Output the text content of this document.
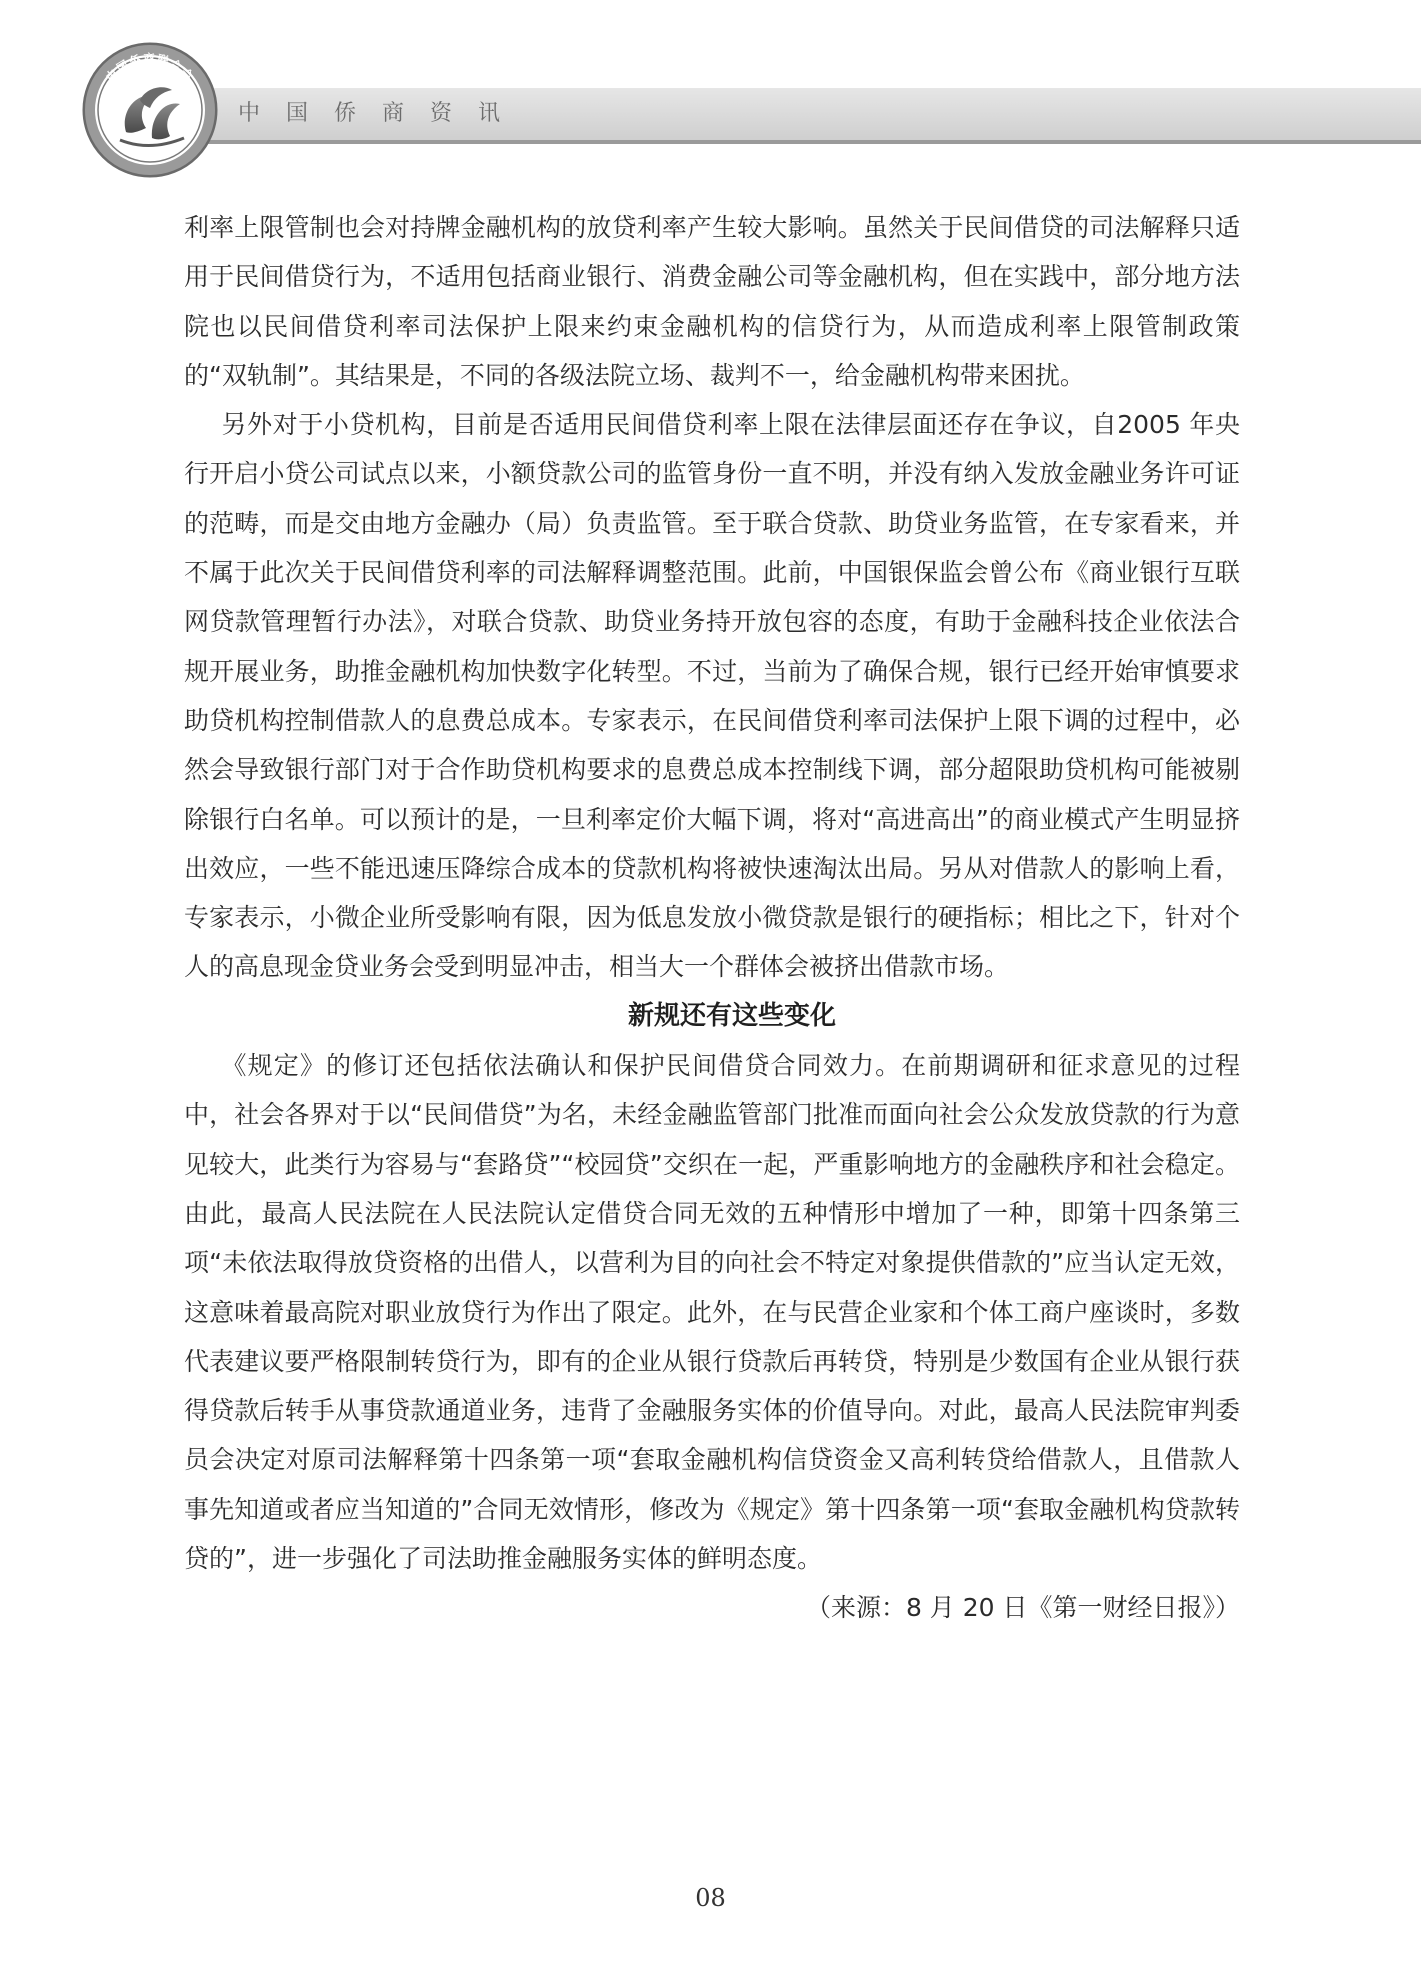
中国侨商资讯
中国侨商联合会

利率上限管制也会对持牌金融机构的放贷利率产生较大影响。虽然关于民间借贷的司法解释只适用于民间借贷行为，不适用包括商业银行、消费金融公司等金融机构，但在实践中，部分地方法院也以民间借贷利率司法保护上限来约束金融机构的信贷行为，从而造成利率上限管制政策的“双轨制”。其结果是，不同的各级法院立场、裁判不一，给金融机构带来困扰。

另外对于小贷机构，目前是否适用民间借贷利率上限在法律层面还存在争议，自2005 年央行开启小贷公司试点以来，小额贷款公司的监管身份一直不明，并没有纳入发放金融业务许可证的范畴，而是交由地方金融办（局）负责监管。至于联合贷款、助贷业务监管，在专家看来，并不属于此次关于民间借贷利率的司法解释调整范围。此前，中国银保监会曾公布《商业银行互联网贷款管理暂行办法》，对联合贷款、助贷业务持开放包容的态度，有助于金融科技企业依法合规开展业务，助推金融机构加快数字化转型。不过，当前为了确保合规，银行已经开始审慎要求助贷机构控制借款人的息费总成本。专家表示，在民间借贷利率司法保护上限下调的过程中，必然会导致银行部门对于合作助贷机构要求的息费总成本控制线下调，部分超限助贷机构可能被剔除银行白名单。可以预计的是，一旦利率定价大幅下调，将对“高进高出”的商业模式产生明显挤出效应，一些不能迅速压降综合成本的贷款机构将被快速淘汰出局。另从对借款人的影响上看，专家表示，小微企业所受影响有限，因为低息发放小微贷款是银行的硬指标；相比之下，针对个人的高息现金贷业务会受到明显冲击，相当大一个群体会被挤出借款市场。

新规还有这些变化

《规定》的修订还包括依法确认和保护民间借贷合同效力。在前期调研和征求意见的过程中，社会各界对于以“民间借贷”为名，未经金融监管部门批准而面向社会公众发放贷款的行为意见较大，此类行为容易与“套路贷”“校园贷”交织在一起，严重影响地方的金融秩序和社会稳定。由此，最高人民法院在人民法院认定借贷合同无效的五种情形中增加了一种，即第十四条第三项“未依法取得放贷资格的出借人，以营利为目的向社会不特定对象提供借款的”应当认定无效，这意味着最高院对职业放贷行为作出了限定。此外，在与民营企业家和个体工商户座谈时，多数代表建议要严格限制转贷行为，即有的企业从银行贷款后再转贷，特别是少数国有企业从银行获得贷款后转手从事贷款通道业务，违背了金融服务实体的价值导向。对此，最高人民法院审判委员会决定对原司法解释第十四条第一项“套取金融机构信贷资金又高利转贷给借款人，且借款人事先知道或者应当知道的”合同无效情形，修改为《规定》第十四条第一项“套取金融机构贷款转贷的”，进一步强化了司法助推金融服务实体的鲜明态度。
（来源：8 月 20 日《第一财经日报》）

08
